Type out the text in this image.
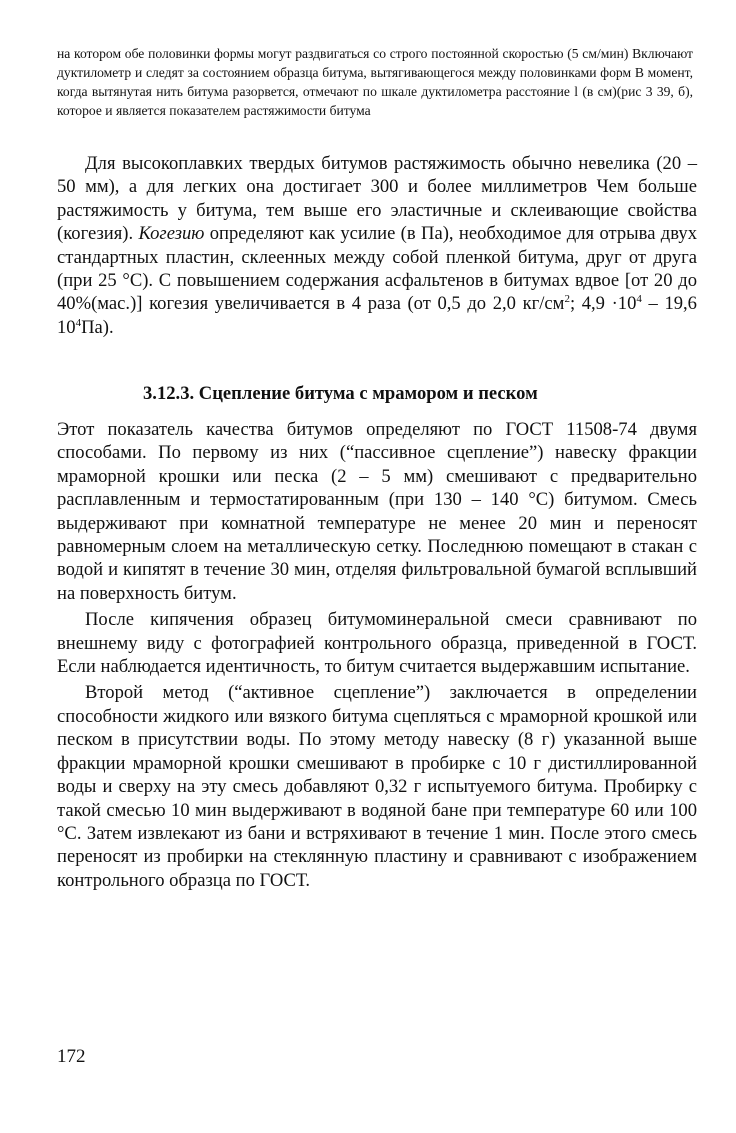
на котором обе половинки формы могут раздвигаться со строго постоянной скоростью (5 см/мин) Включают дуктилометр и следят за состоянием образца битума, вытягивающегося между половинками форм В момент, когда вытянутая нить битума разорвется, отмечают по шкале дуктилометра расстояние l (в см)(рис 3 39, б), которое и является показателем растяжимости битума

Для высокоплавких твердых битумов растяжимость обычно невелика (20 – 50 мм), а для легких она достигает 300 и более миллиметров Чем больше растяжимость у битума, тем выше его эластичные и склеивающие свойства (когезия). Когезию определяют как усилие (в Па), необходимое для отрыва двух стандартных пластин, склеенных между собой пленкой битума, друг от друга (при 25 °С). С повышением содержания асфальтенов в битумах вдвое [от 20 до 40%(мас.)] когезия увеличивается в 4 раза (от 0,5 до 2,0 $кг/см^2$; $4,9 \cdot 10^4 - 19,6$ $10^4Па$).

3.12.3. Сцепление битума с мрамором и песком

Этот показатель качества битумов определяют по ГОСТ 11508-74 двумя способами. По первому из них (“пассивное сцепление”) навеску фракции мраморной крошки или песка (2 – 5 мм) смешивают с предварительно расплавленным и термостатированным (при 130 – 140 °С) битумом. Смесь выдерживают при комнатной температуре не менее 20 мин и переносят равномерным слоем на металлическую сетку. Последнюю помещают в стакан с водой и кипятят в течение 30 мин, отделяя фильтровальной бумагой всплывший на поверхность битум.

После кипячения образец битумоминеральной смеси сравнивают по внешнему виду с фотографией контрольного образца, приведенной в ГОСТ. Если наблюдается идентичность, то битум считается выдержавшим испытание.

Второй метод (“активное сцепление”) заключается в определении способности жидкого или вязкого битума сцепляться с мраморной крошкой или песком в присутствии воды. По этому методу навеску (8 г) указанной выше фракции мраморной крошки смешивают в пробирке с 10 г дистиллированной воды и сверху на эту смесь добавляют 0,32 г испытуемого битума. Пробирку с такой смесью 10 мин выдерживают в водяной бане при температуре 60 или 100 °С. Затем извлекают из бани и встряхивают в течение 1 мин. После этого смесь переносят из пробирки на стеклянную пластину и сравнивают с изображением контрольного образца по ГОСТ.

172
